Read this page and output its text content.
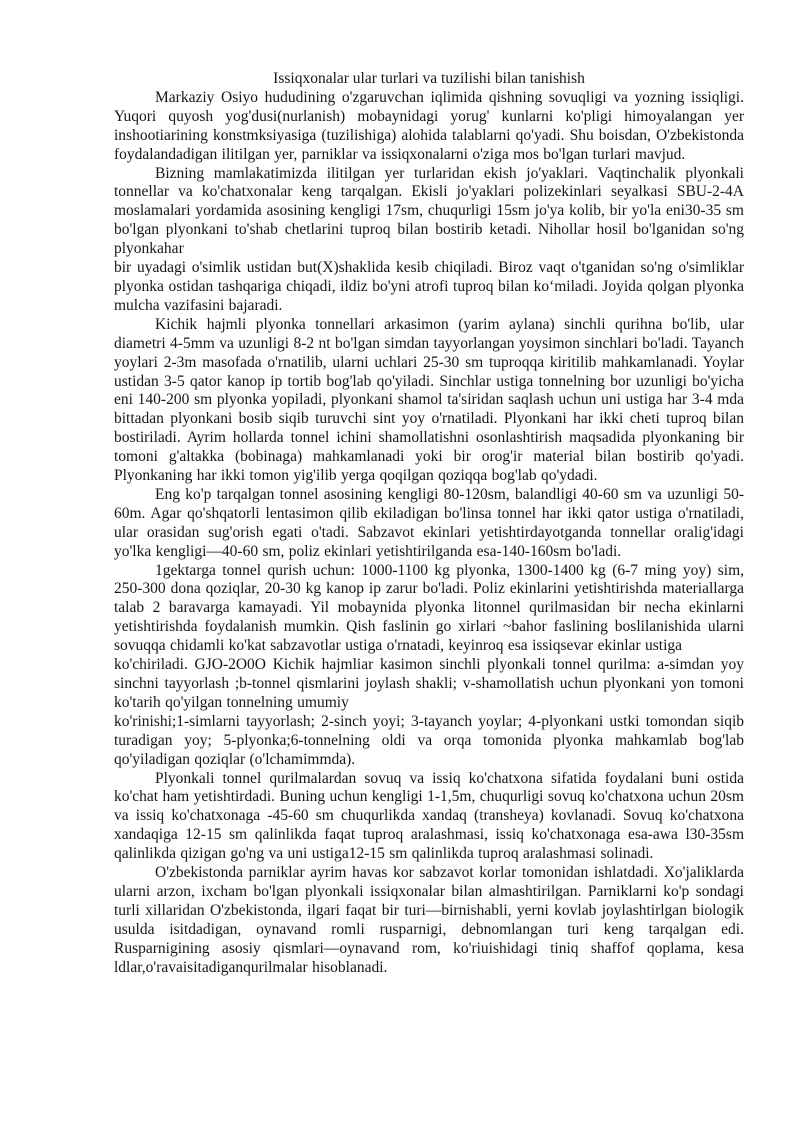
Issiqxonalar ular turlari va tuzilishi bilan tanishish

Markaziy Osiyo hududining o'zgaruvchan iqlimida qishning sovuqligi va yozning issiqligi. Yuqori quyosh yog'dusi(nurlanish) mobaynidagi yorug' kunlarni ko'pligi himoyalangan yer inshootiarining konstmksiyasiga (tuzilishiga) alohida talablarni qo'yadi. Shu boisdan, O'zbekistonda foydalandadigan ilitilgan yer, parniklar va issiqxonalarni o'ziga mos bo'lgan turlari mavjud.

Bizning mamlakatimizda ilitilgan yer turlaridan ekish jo'yaklari. Vaqtinchalik plyonkali tonnellar va ko'chatxonalar keng tarqalgan. Ekisli jo'yaklari polizekinlari seyalkasi SBU-2-4A moslamalari yordamida asosining kengligi 17sm, chuqurligi 15sm jo'ya kolib, bir yo'la eni30-35 sm bo'lgan plyonkani to'shab chetlarini tuproq bilan bostirib ketadi. Nihollar hosil bo'lganidan so'ng plyonkahar

bir uyadagi o'simlik ustidan but(X)shaklida kesib chiqiladi. Biroz vaqt o'tganidan so'ng o'simliklar plyonka ostidan tashqariga chiqadi, ildiz bo'yni atrofi tuproq bilan ko‘miladi. Joyida qolgan plyonka mulcha vazifasini bajaradi.

Kichik hajmli plyonka tonnellari arkasimon (yarim aylana) sinchli qurihna bo'lib, ular diametri 4-5mm va uzunligi 8-2 nt bo'lgan simdan tayyorlangan yoysimon sinchlari bo'ladi. Tayanch yoylari 2-3m masofada o'rnatilib, ularni uchlari 25-30 sm tuproqqa kiritilib mahkamlanadi. Yoylar ustidan 3-5 qator kanop ip tortib bog'lab qo'yiladi. Sinchlar ustiga tonnelning bor uzunligi bo'yicha eni 140-200 sm plyonka yopiladi, plyonkani shamol ta'siridan saqlash uchun uni ustiga har 3-4 mda bittadan plyonkani bosib siqib turuvchi sint yoy o'rnatiladi. Plyonkani har ikki cheti tuproq bilan bostiriladi. Ayrim hollarda tonnel ichini shamollatishni osonlashtirish maqsadida plyonkaning bir tomoni g'altakka (bobinaga) mahkamlanadi yoki bir orog'ir material bilan bostirib qo'yadi. Plyonkaning har ikki tomon yig'ilib yerga qoqilgan qoziqqa bog'lab qo'ydadi.

Eng ko'p tarqalgan tonnel asosining kengligi 80-120sm, balandligi 40-60 sm va uzunligi 50-60m. Agar qo'shqatorli lentasimon qilib ekiladigan bo'linsa tonnel har ikki qator ustiga o'rnatiladi, ular orasidan sug'orish egati o'tadi. Sabzavot ekinlari yetishtirdayotganda tonnellar oralig'idagi yo'lka kengligi—40-60 sm, poliz ekinlari yetishtirilganda esa-140-160sm bo'ladi.

1gektarga tonnel qurish uchun: 1000-1100 kg plyonka, 1300-1400 kg (6-7 ming yoy) sim, 250-300 dona qoziqlar, 20-30 kg kanop ip zarur bo'ladi. Poliz ekinlarini yetishtirishda materiallarga talab 2 baravarga kamayadi. Yil mobaynida plyonka litonnel qurilmasidan bir necha ekinlarni yetishtirishda foydalanish mumkin. Qish faslinin go xirlari ~bahor faslining boslilanishida ularni sovuqqa chidamli ko'kat sabzavotlar ustiga o'rnatadi, keyinroq esa issiqsevar ekinlar ustiga

ko'chiriladi. GJO-2O0O Kichik hajmliar kasimon sinchli plyonkali tonnel qurilma: a-simdan yoy sinchni tayyorlash ;b-tonnel qismlarini joylash shakli; v-shamollatish uchun plyonkani yon tomoni ko'tarih qo'yilgan tonnelning umumiy

ko'rinishi;1-simlarni tayyorlash; 2-sinch yoyi; 3-tayanch yoylar; 4-plyonkani ustki tomondan siqib turadigan yoy; 5-plyonka;6-tonnelning oldi va orqa tomonida plyonka mahkamlab bog'lab qo'yiladigan qoziqlar (o'lchamimmda).

Plyonkali tonnel qurilmalardan sovuq va issiq ko'chatxona sifatida foydalani buni ostida ko'chat ham yetishtirdadi. Buning uchun kengligi 1-1,5m, chuqurligi sovuq ko'chatxona uchun 20sm va issiq ko'chatxonaga -45-60 sm chuqurlikda xandaq (transheya) kovlanadi. Sovuq ko'chatxona xandaqiga 12-15 sm qalinlikda faqat tuproq aralashmasi, issiq ko'chatxonaga esa-awa l30-35sm qalinlikda qizigan go'ng va uni ustiga12-15 sm qalinlikda tuproq aralashmasi solinadi.

O'zbekistonda parniklar ayrim havas kor sabzavot korlar tomonidan ishlatdadi. Xo'jaliklarda ularni arzon, ixcham bo'lgan plyonkali issiqxonalar bilan almashtirilgan. Parniklarni ko'p sondagi turli xillaridan O'zbekistonda, ilgari faqat bir turi—birnishabli, yerni kovlab joylashtirlgan biologik usulda isitdadigan, oynavand romli rusparnigi, debnomlangan turi keng tarqalgan edi. Rusparnigining asosiy qismlari—oynavand rom, ko'riuishidagi tiniq shaffof qoplama, kesa ldlar,o'ravaisitadiganqurilmalar hisoblanadi.
